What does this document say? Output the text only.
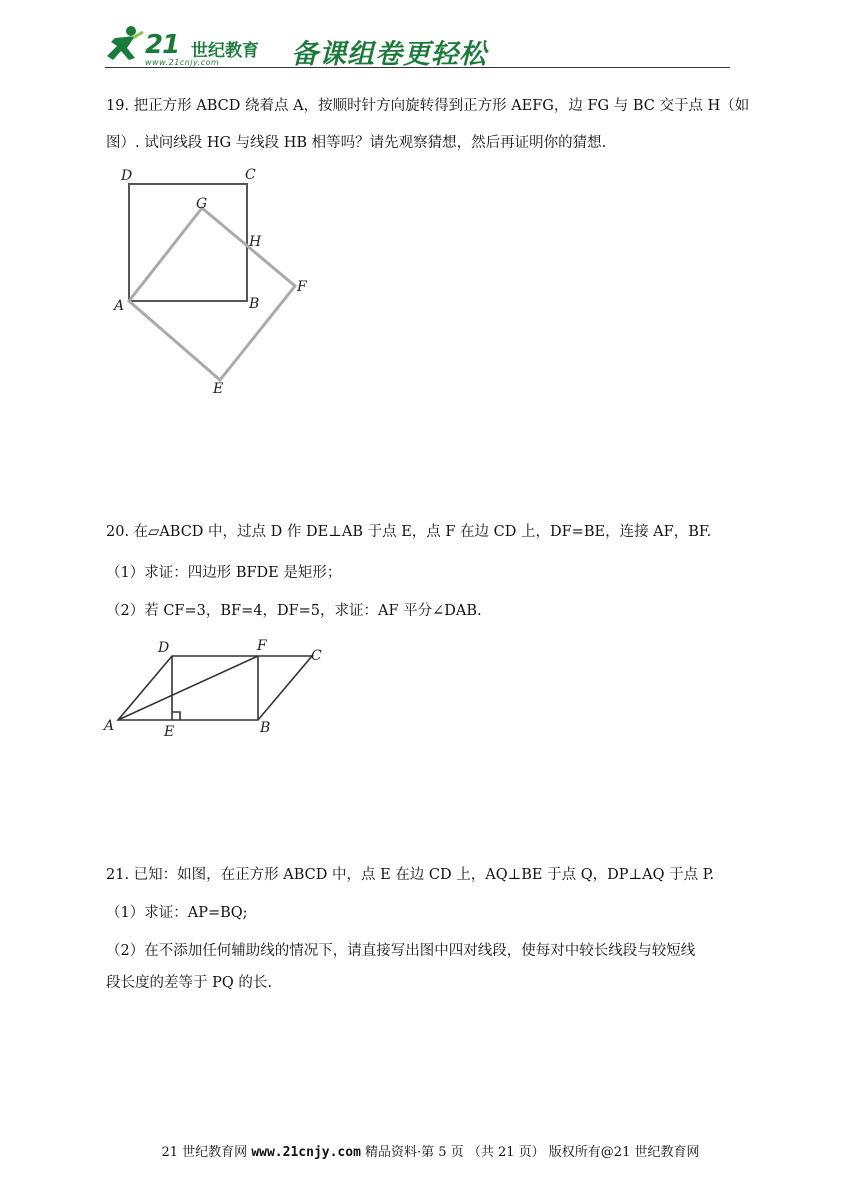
21 世纪教育
www.21cnjy.com	备课组卷更轻松
19. 把正方形 ABCD 绕着点 A，按顺时针方向旋转得到正方形 AEFG，边 FG 与 BC 交于点 H（如
图）. 试问线段 HG 与线段 HB 相等吗？请先观察猜想，然后再证明你的猜想.
D	C
G
H
F
A	B
E
20. 在▱ABCD 中，过点 D 作 DE⊥AB 于点 E，点 F 在边 CD 上，DF=BE，连接 AF，BF.
（1）求证：四边形 BFDE 是矩形；
（2）若 CF=3，BF=4，DF=5，求证：AF 平分∠DAB.
D	F
C
A	E	B
21. 已知：如图，在正方形 ABCD 中，点 E 在边 CD 上，AQ⊥BE 于点 Q，DP⊥AQ 于点 P.
（1）求证：AP=BQ;
（2）在不添加任何辅助线的情况下，请直接写出图中四对线段，使每对中较长线段与较短线
段长度的差等于 PQ 的长.
21 世纪教育网 www.21cnjy.com 精品资料·第 5 页 （共 21 页） 版权所有@21 世纪教育网
